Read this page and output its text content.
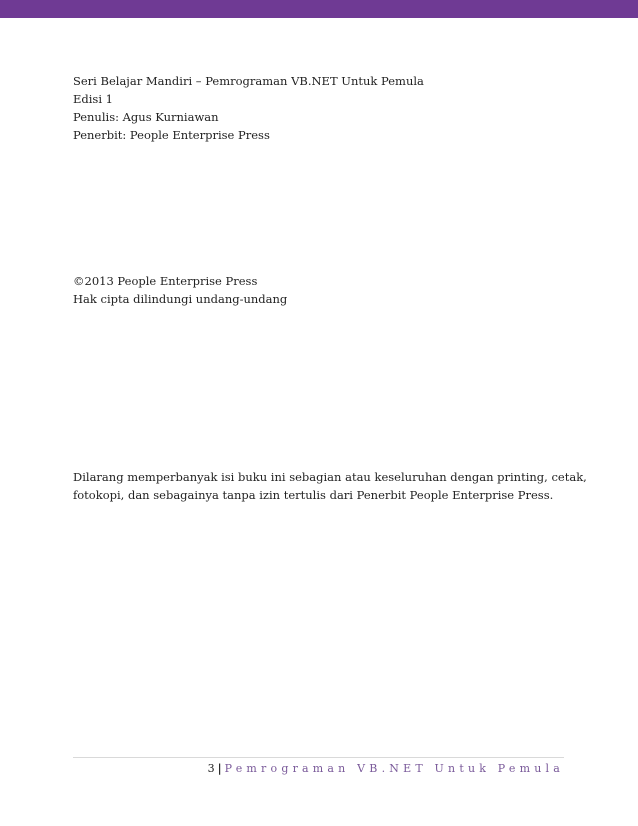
Seri Belajar Mandiri – Pemrograman VB.NET Untuk Pemula
Edisi 1
Penulis: Agus Kurniawan
Penerbit: People Enterprise Press
©2013 People Enterprise Press
Hak cipta dilindungi undang-undang
Dilarang memperbanyak isi buku ini sebagian atau keseluruhan dengan printing, cetak,
fotokopi, dan sebagainya tanpa izin tertulis dari Penerbit People Enterprise Press.
3 | Pemrograman VB.NET Untuk Pemula
